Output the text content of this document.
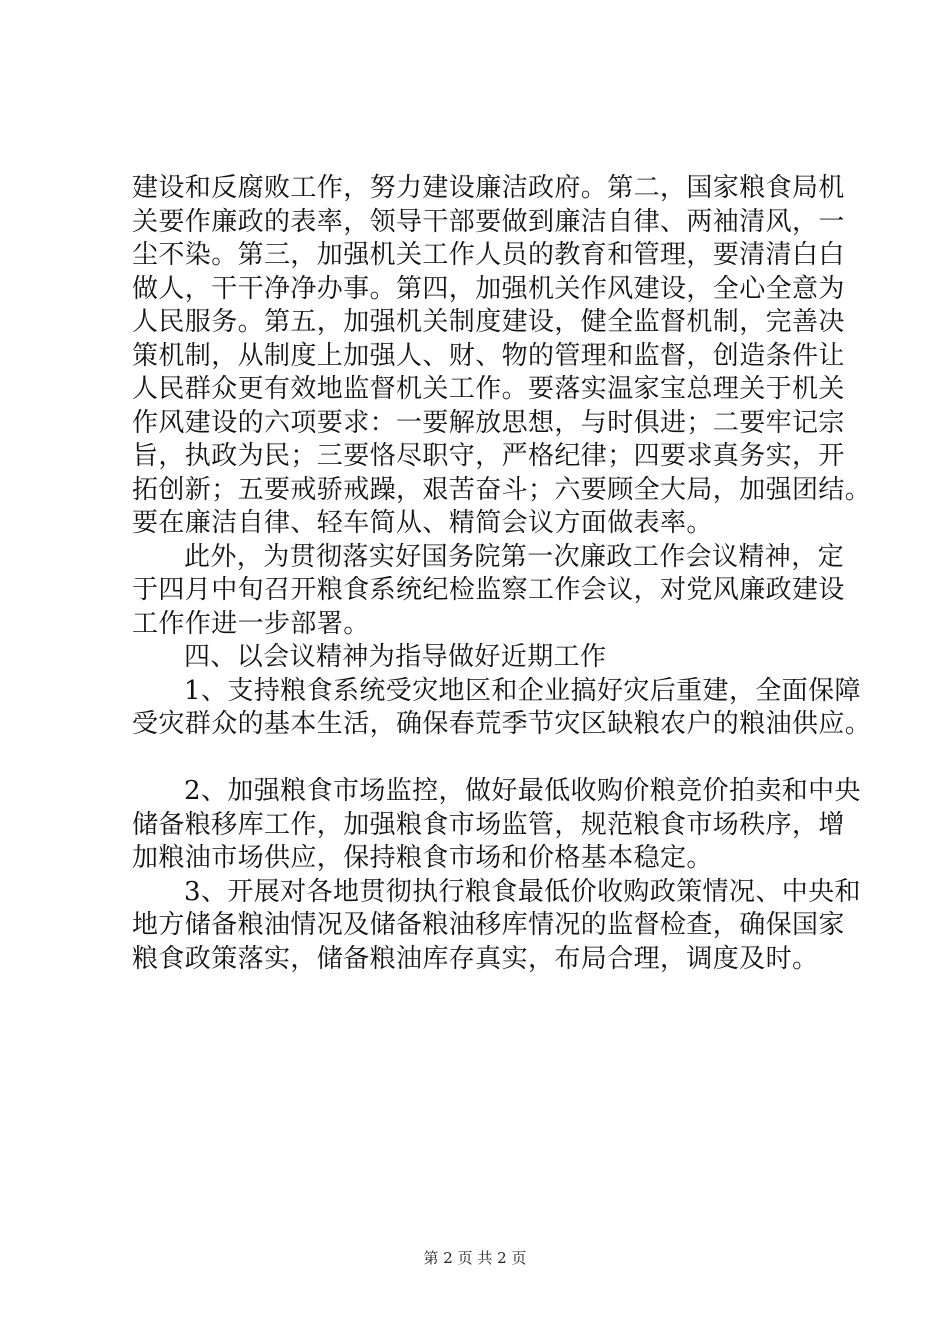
建设和反腐败工作，努力建设廉洁政府。第二，国家粮食局机
关要作廉政的表率，领导干部要做到廉洁自律、两袖清风，一
尘不染。第三，加强机关工作人员的教育和管理，要清清白白
做人，干干净净办事。第四，加强机关作风建设，全心全意为
人民服务。第五，加强机关制度建设，健全监督机制，完善决
策机制，从制度上加强人、财、物的管理和监督，创造条件让
人民群众更有效地监督机关工作。要落实温家宝总理关于机关
作风建设的六项要求：一要解放思想，与时俱进；二要牢记宗
旨，执政为民；三要恪尽职守，严格纪律；四要求真务实，开
拓创新；五要戒骄戒躁，艰苦奋斗；六要顾全大局，加强团结。
要在廉洁自律、轻车简从、精简会议方面做表率。
此外，为贯彻落实好国务院第一次廉政工作会议精神，定
于四月中旬召开粮食系统纪检监察工作会议，对党风廉政建设
工作作进一步部署。
四、以会议精神为指导做好近期工作
1、支持粮食系统受灾地区和企业搞好灾后重建，全面保障
受灾群众的基本生活，确保春荒季节灾区缺粮农户的粮油供应。
2、加强粮食市场监控，做好最低收购价粮竞价拍卖和中央
储备粮移库工作，加强粮食市场监管，规范粮食市场秩序，增
加粮油市场供应，保持粮食市场和价格基本稳定。
3、开展对各地贯彻执行粮食最低价收购政策情况、中央和
地方储备粮油情况及储备粮油移库情况的监督检查，确保国家
粮食政策落实，储备粮油库存真实，布局合理，调度及时。
第 2 页 共 2 页
